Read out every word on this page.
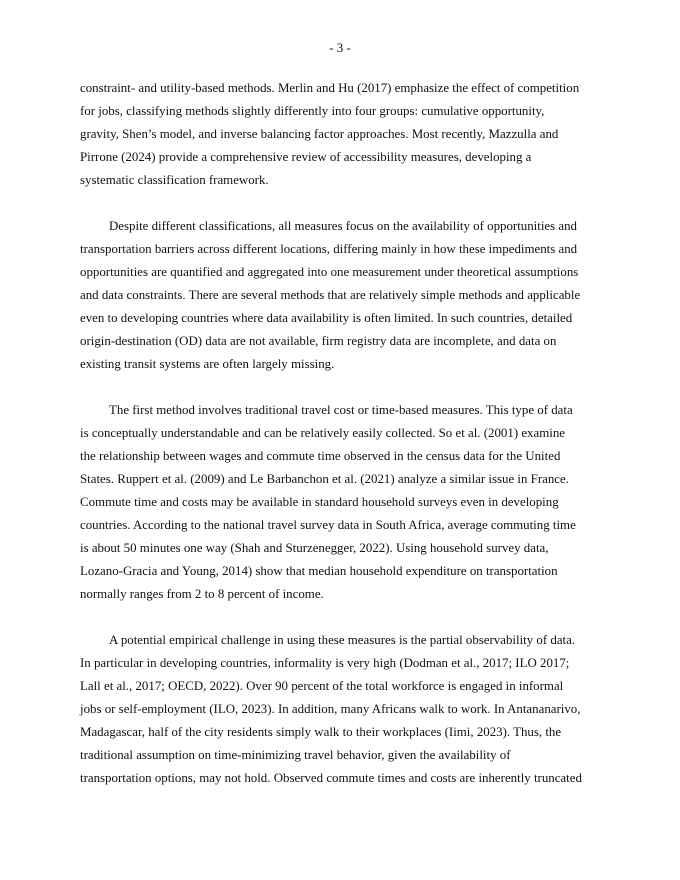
- 3 -

constraint- and utility-based methods. Merlin and Hu (2017) emphasize the effect of competition
for jobs, classifying methods slightly differently into four groups: cumulative opportunity,
gravity, Shen’s model, and inverse balancing factor approaches. Most recently, Mazzulla and
Pirrone (2024) provide a comprehensive review of accessibility measures, developing a
systematic classification framework.

Despite different classifications, all measures focus on the availability of opportunities and
transportation barriers across different locations, differing mainly in how these impediments and
opportunities are quantified and aggregated into one measurement under theoretical assumptions
and data constraints. There are several methods that are relatively simple methods and applicable
even to developing countries where data availability is often limited. In such countries, detailed
origin-destination (OD) data are not available, firm registry data are incomplete, and data on
existing transit systems are often largely missing.

The first method involves traditional travel cost or time-based measures. This type of data
is conceptually understandable and can be relatively easily collected. So et al. (2001) examine
the relationship between wages and commute time observed in the census data for the United
States. Ruppert et al. (2009) and Le Barbanchon et al. (2021) analyze a similar issue in France.
Commute time and costs may be available in standard household surveys even in developing
countries. According to the national travel survey data in South Africa, average commuting time
is about 50 minutes one way (Shah and Sturzenegger, 2022). Using household survey data,
Lozano-Gracia and Young, 2014) show that median household expenditure on transportation
normally ranges from 2 to 8 percent of income.

A potential empirical challenge in using these measures is the partial observability of data.
In particular in developing countries, informality is very high (Dodman et al., 2017; ILO 2017;
Lall et al., 2017; OECD, 2022). Over 90 percent of the total workforce is engaged in informal
jobs or self-employment (ILO, 2023). In addition, many Africans walk to work. In Antananarivo,
Madagascar, half of the city residents simply walk to their workplaces (Iimi, 2023). Thus, the
traditional assumption on time-minimizing travel behavior, given the availability of
transportation options, may not hold. Observed commute times and costs are inherently truncated
